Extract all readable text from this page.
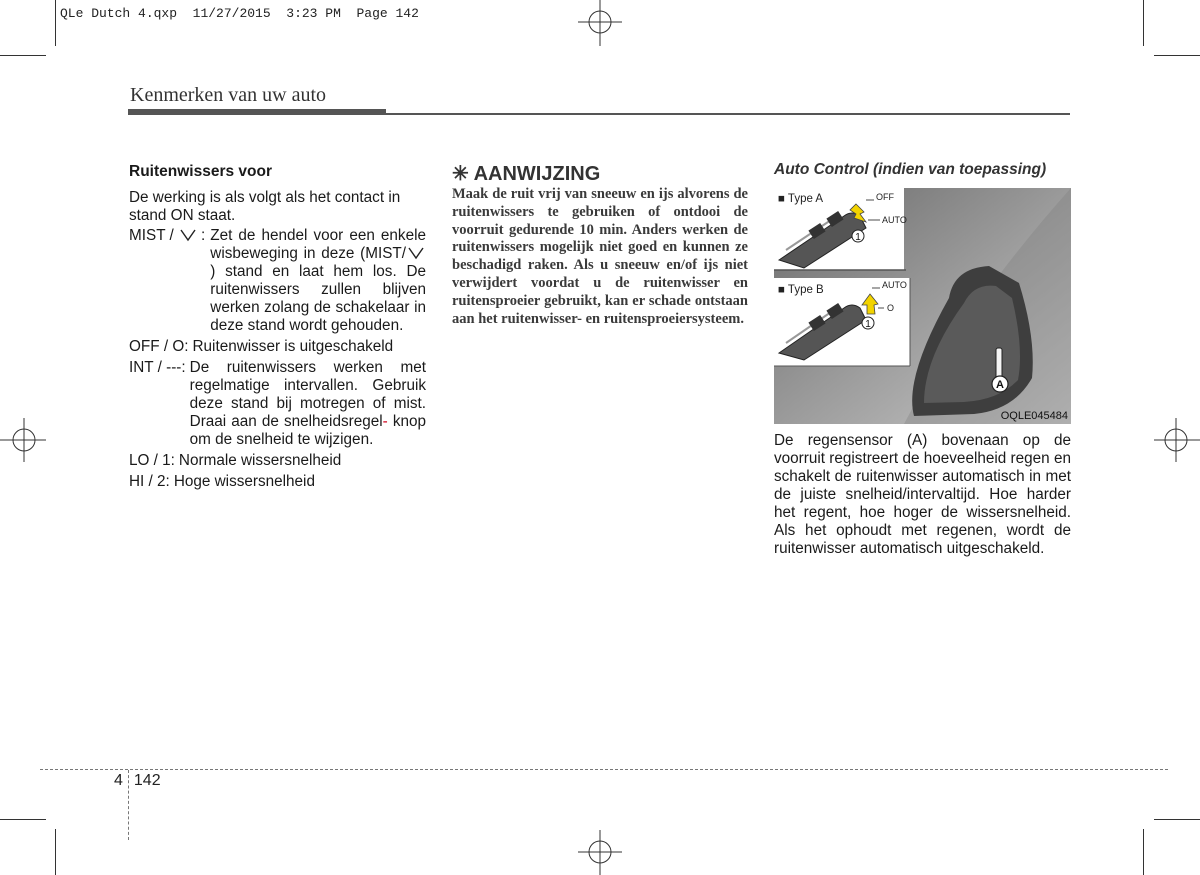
QLe Dutch 4.qxp 11/27/2015 3:23 PM Page 142
Kenmerken van uw auto
Ruitenwissers voor

De werking is als volgt als het contact in stand ON staat.

MIST / : Zet de hendel voor een enkele wisbeweging in deze (MIST/ ) stand en laat hem los. De ruitenwissers zullen blijven werken zolang de schakelaar in deze stand wordt gehouden.
OFF / O: Ruitenwisser is uitgeschakeld
INT / ---: De ruitenwissers werken met regelmatige intervallen. Gebruik deze stand bij motregen of mist. Draai aan de snelheidsregel- knop om de snelheid te wijzigen.
LO / 1: Normale wissersnelheid
HI / 2: Hoge wissersnelheid
✳ AANWIJZING
Maak de ruit vrij van sneeuw en ijs alvorens de ruitenwissers te gebruiken of ontdooi de voorruit gedurende 10 min. Anders werken de ruitenwissers mogelijk niet goed en kunnen ze beschadigd raken. Als u sneeuw en/of ijs niet verwijdert voordat u de ruitenwisser en ruitensproeier gebruikt, kan er schade ontstaan aan het ruitenwisser- en ruitensproeiersysteem.
Auto Control (indien van toepassing)
A
■ Type A
1
OFF
AUTO
■ Type B
1
AUTO
O
OQLE045484
De regensensor (A) bovenaan op de voorruit registreert de hoeveelheid regen en schakelt de ruitenwisser automatisch in met de juiste snelheid/intervaltijd. Hoe harder het regent, hoe hoger de wissersnelheid. Als het ophoudt met regenen, wordt de ruitenwisser automatisch uitgeschakeld.
4 142
